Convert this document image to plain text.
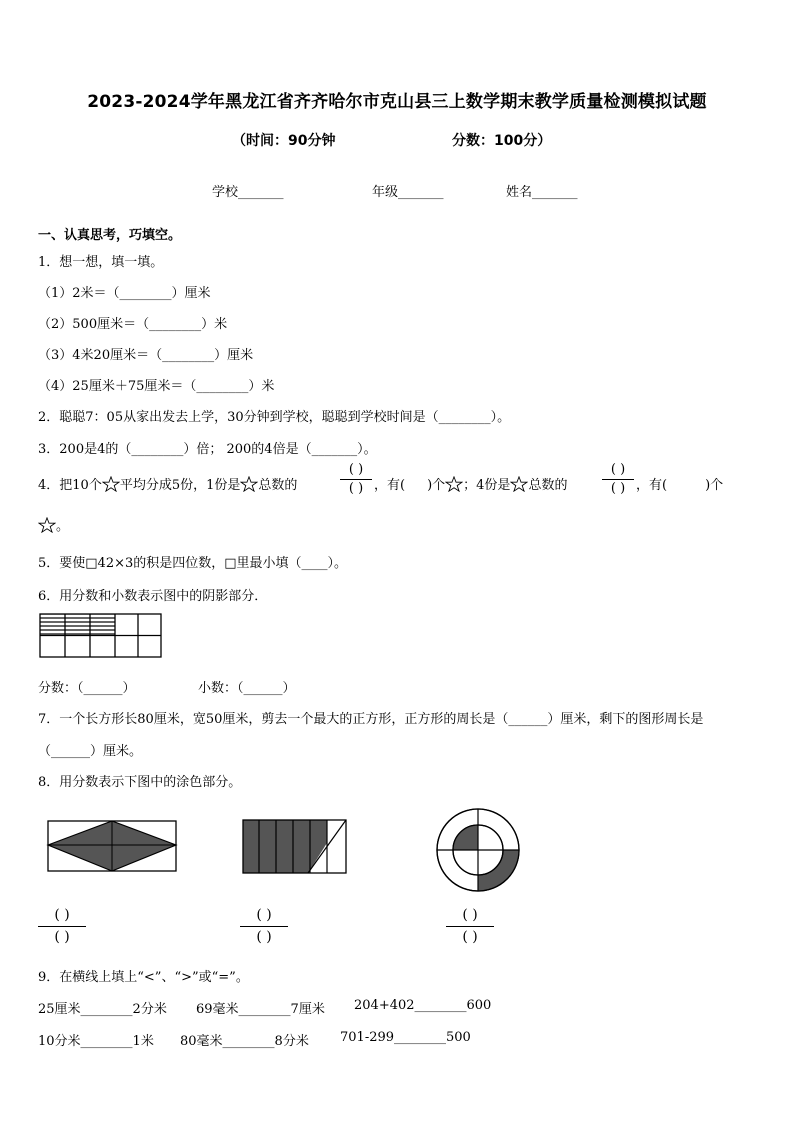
2023-2024学年黑龙江省齐齐哈尔市克山县三上数学期末教学质量检测模拟试题
（时间：90分钟	分数：100分）
学校_______	年级_______	姓名_______
一、认真思考，巧填空。
1．想一想，填一填。
（1）2米＝（________）厘米
（2）500厘米＝（________）米
（3）4米20厘米＝（________）厘米
（4）25厘米＋75厘米＝（________）米
2．聪聪7：05从家出发去上学，30分钟到学校，聪聪到学校时间是（________）。
3．200是4的（________）倍； 200的4倍是（_______）。
4．把10个 平均分成5份，1份是 总数的
( )
( ) ，有( )个 ；4份是 总数的
( )
( ) ，有(	)个
。
5．要使□42×3的积是四位数，□里最小填（____）。
6．用分数和小数表示图中的阴影部分．
分数：（______）	小数：（______）
7．一个长方形长80厘米，宽50厘米，剪去一个最大的正方形，正方形的周长是（______）厘米，剩下的图形周长是
（______）厘米。
8．用分数表示下图中的涂色部分。
( )
( )
( )
( )
( )
( )
9．在横线上填上“<”、“>”或“=”。
25厘米________2分米 69毫米________7厘米 204+402________600
10分米________1米 80毫米________8分米 701-299________500
